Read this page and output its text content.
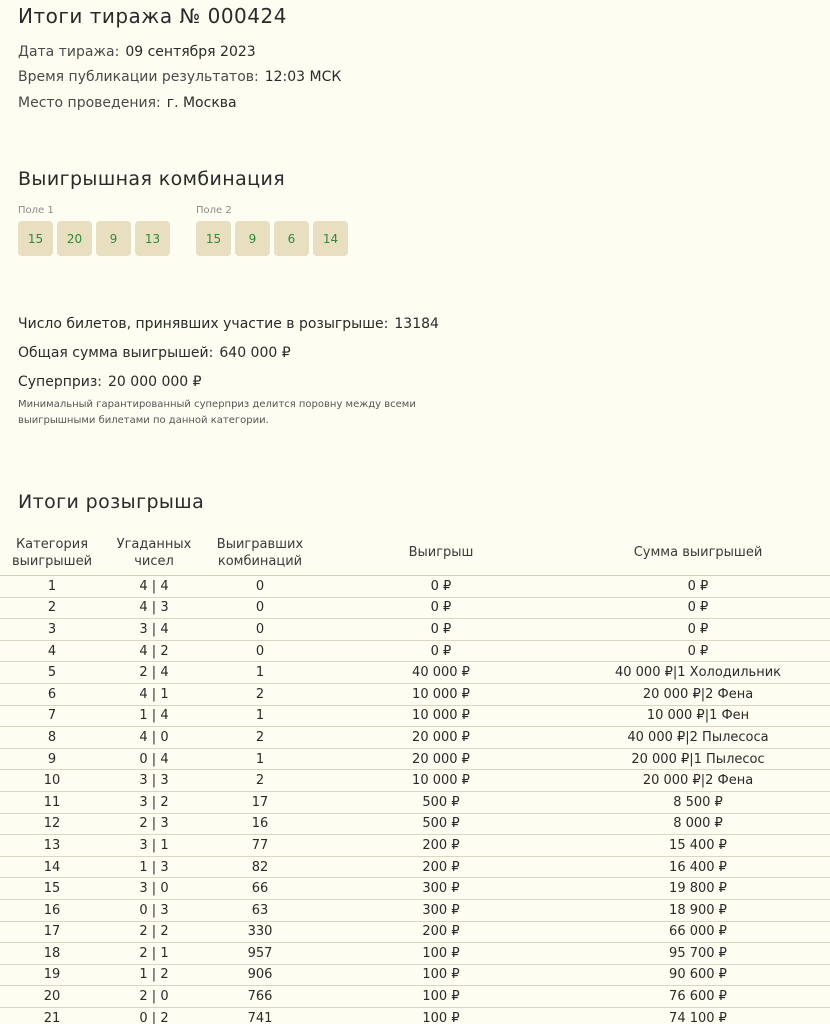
Итоги тиража № 000424
Дата тиража: 09 сентября 2023
Время публикации результатов: 12:03 МСК
Место проведения: г. Москва
Выигрышная комбинация
Поле 1
15	20	9	13
Поле 2
15	9	6	14
Число билетов, принявших участие в розыгрыше: 13184
Общая сумма выигрышей: 640 000 ₽
Суперприз: 20 000 000 ₽
Минимальный гарантированный суперприз делится поровну между всеми выигрышными билетами по данной категории.
Итоги розыгрыша
Категория выигрышей	Угаданных чисел	Выигравших комбинаций	Выигрыш	Сумма выигрышей
1	4 | 4	0	0 ₽	0 ₽
2	4 | 3	0	0 ₽	0 ₽
3	3 | 4	0	0 ₽	0 ₽
4	4 | 2	0	0 ₽	0 ₽
5	2 | 4	1	40 000 ₽	40 000 ₽|1 Холодильник
6	4 | 1	2	10 000 ₽	20 000 ₽|2 Фена
7	1 | 4	1	10 000 ₽	10 000 ₽|1 Фен
8	4 | 0	2	20 000 ₽	40 000 ₽|2 Пылесоса
9	0 | 4	1	20 000 ₽	20 000 ₽|1 Пылесос
10	3 | 3	2	10 000 ₽	20 000 ₽|2 Фена
11	3 | 2	17	500 ₽	8 500 ₽
12	2 | 3	16	500 ₽	8 000 ₽
13	3 | 1	77	200 ₽	15 400 ₽
14	1 | 3	82	200 ₽	16 400 ₽
15	3 | 0	66	300 ₽	19 800 ₽
16	0 | 3	63	300 ₽	18 900 ₽
17	2 | 2	330	200 ₽	66 000 ₽
18	2 | 1	957	100 ₽	95 700 ₽
19	1 | 2	906	100 ₽	90 600 ₽
20	2 | 0	766	100 ₽	76 600 ₽
21	0 | 2	741	100 ₽	74 100 ₽
